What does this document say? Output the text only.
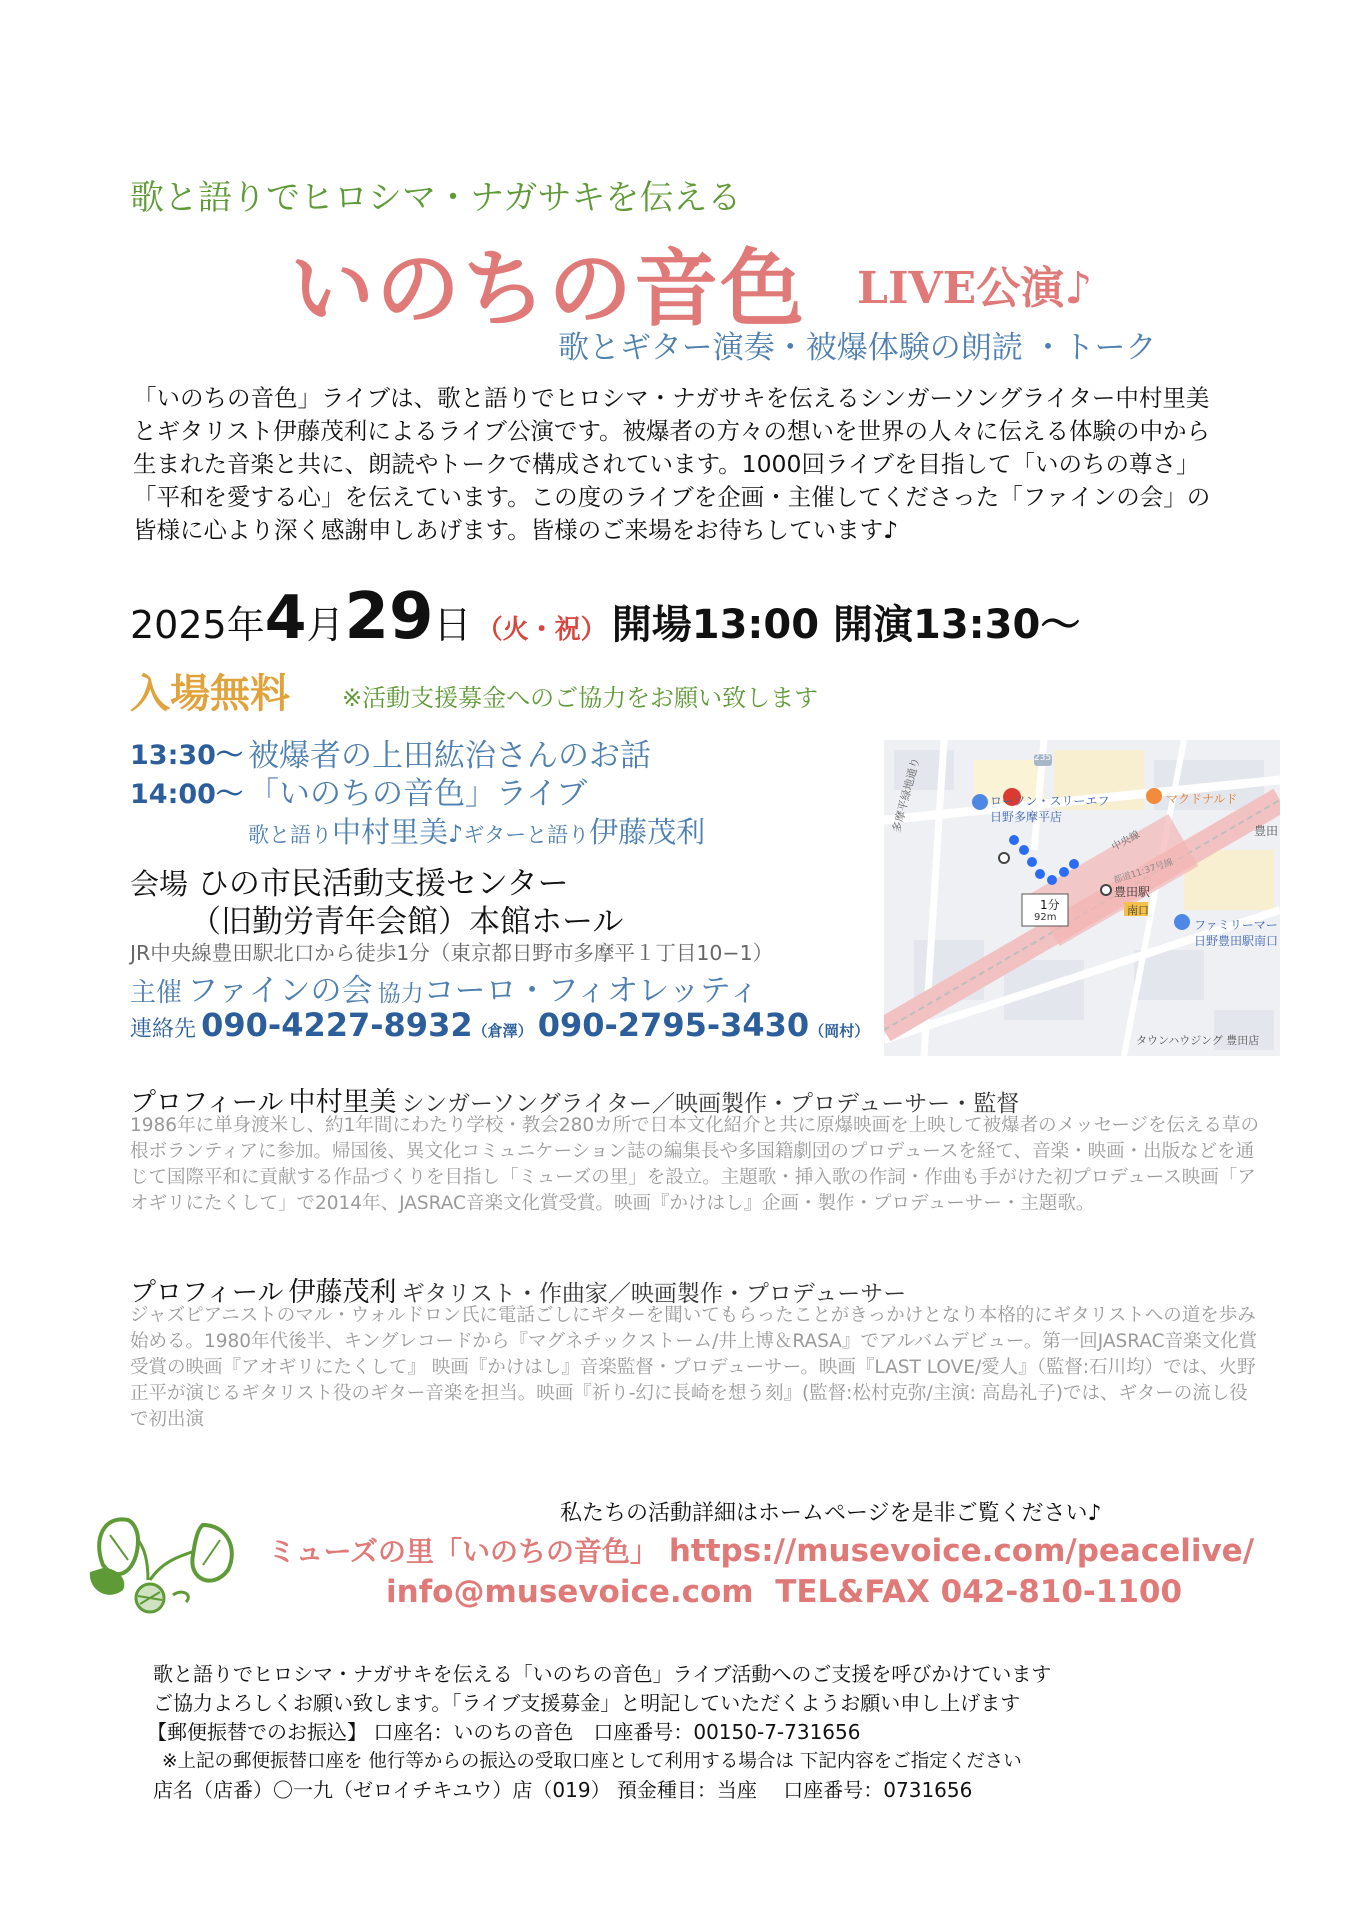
歌と語りでヒロシマ・ナガサキを伝える
いのちの音色 LIVE公演♪
歌とギター演奏・被爆体験の朗読 ・トーク
「いのちの音色」ライブは、歌と語りでヒロシマ・ナガサキを伝えるシンガーソングライター中村里美
とギタリスト伊藤茂利によるライブ公演です。被爆者の方々の想いを世界の人々に伝える体験の中から
生まれた音楽と共に、朗読やトークで構成されています。1000回ライブを目指して「いのちの尊さ」
「平和を愛する心」を伝えています。この度のライブを企画・主催してくださった「ファインの会」の
皆様に心より深く感謝申しあげます。皆様のご来場をお待ちしています♪
2025年4月29日 （火・祝） 開場13:00 開演13:30〜
入場無料 ※活動支援募金へのご協力をお願い致します
13:30〜 被爆者の上田紘治さんのお話
14:00〜 「いのちの音色」ライブ
歌と語り中村里美♪ギターと語り伊藤茂利
会場 ひの市民活動支援センター
（旧勤労青年会館）本館ホール
JR中央線豊田駅北口から徒歩1分（東京都日野市多摩平１丁目10−1）
主催 ファインの会 協力コーロ・フィオレッティ
連絡先 090-4227-8932（倉澤） 090-2795-3430（岡村）
235
ローソン・スリーエフ
日野多摩平店
マクドナルド
豊田
多摩平緑地通り
中央線
豊田駅
都道11:37号線
南口
ファミリーマー
日野豊田駅南口
1分
92m
タウンハウジング 豊田店
プロフィール 中村里美 シンガーソングライター／映画製作・プロデューサー・監督
1986年に単身渡米し、約1年間にわたり学校・教会280カ所で日本文化紹介と共に原爆映画を上映して被爆者のメッセージを伝える草の根ボランティアに参加。帰国後、異文化コミュニケーション誌の編集長や多国籍劇団のプロデュースを経て、音楽・映画・出版などを通じて国際平和に貢献する作品づくりを目指し「ミューズの里」を設立。主題歌・挿入歌の作詞・作曲も手がけた初プロデュース映画「アオギリにたくして」で2014年、JASRAC音楽文化賞受賞。映画『かけはし』企画・製作・プロデューサー・主題歌。
プロフィール 伊藤茂利 ギタリスト・作曲家／映画製作・プロデューサー
ジャズピアニストのマル・ウォルドロン氏に電話ごしにギターを聞いてもらったことがきっかけとなり本格的にギタリストへの道を歩み始める。1980年代後半、キングレコードから『マグネチックストーム/井上博＆RASA』でアルバムデビュー。第一回JASRAC音楽文化賞受賞の映画『アオギリにたくして』 映画『かけはし』音楽監督・プロデューサー。映画『LAST LOVE/愛人』（監督:石川均）では、火野正平が演じるギタリスト役のギター音楽を担当。映画『祈り-幻に長崎を想う刻』(監督:松村克弥/主演: 高島礼子)では、ギターの流し役で初出演
私たちの活動詳細はホームページを是非ご覧ください♪
ミューズの里「いのちの音色」 https://musevoice.com/peacelive/
info@musevoice.com TEL&FAX 042-810-1100
歌と語りでヒロシマ・ナガサキを伝える「いのちの音色」ライブ活動へのご支援を呼びかけています
ご協力よろしくお願い致します。「ライブ支援募金」と明記していただくようお願い申し上げます
【郵便振替でのお振込】 口座名：いのちの音色　口座番号：00150-7-731656
※上記の郵便振替口座を 他行等からの振込の受取口座として利用する場合は 下記内容をご指定ください
店名（店番）〇一九（ゼロイチキユウ）店（019） 預金種目：当座　 口座番号：0731656
